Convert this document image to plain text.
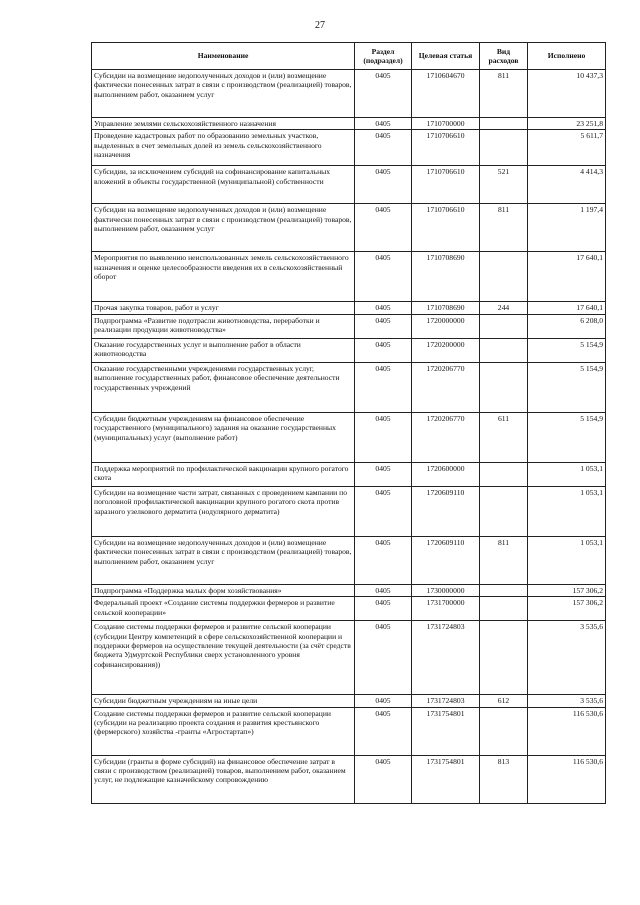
27
Наименование	Раздел (подраздел)	Целевая статья	Вид расходов	Исполнено
Субсидии на возмещение недополученных доходов и (или) возмещение фактически понесенных затрат в связи с производством (реализацией) товаров, выполнением работ, оказанием услуг	0405	1710604670	811	10 437,3
Управление землями сельскохозяйственного назначения	0405	1710700000		23 251,8
Проведение кадастровых работ по образованию земельных участков, выделенных в счет земельных долей из земель сельскохозяйственного назначения	0405	1710706610		5 611,7
Субсидии, за исключением субсидий на софинансирование капитальных вложений в объекты государственной (муниципальной) собственности	0405	1710706610	521	4 414,3
Субсидии на возмещение недополученных доходов и (или) возмещение фактически понесенных затрат в связи с производством (реализацией) товаров, выполнением работ, оказанием услуг	0405	1710706610	811	1 197,4
Мероприятия по выявлению неиспользованных земель сельскохозяйственного назначения и оценке целесообразности введения их в сельскохозяйственный оборот	0405	1710708690		17 640,1
Прочая закупка товаров, работ и услуг	0405	1710708690	244	17 640,1
Подпрограмма «Развитие подотрасли животноводства, переработки и реализации продукции животноводства»	0405	1720000000		6 208,0
Оказание государственных услуг и выполнение работ в области животноводства	0405	1720200000		5 154,9
Оказание государственными учреждениями государственных услуг, выполнение государственных работ, финансовое обеспечение деятельности государственных учреждений	0405	1720206770		5 154,9
Субсидии бюджетным учреждениям на финансовое обеспечение государственного (муниципального) задания на оказание государственных (муниципальных) услуг (выполнение работ)	0405	1720206770	611	5 154,9
Поддержка мероприятий по профилактической вакцинации крупного рогатого скота	0405	1720600000		1 053,1
Субсидии на возмещение части затрат, связанных с проведением кампании по поголовной профилактической вакцинации крупного рогатого скота против заразного узелкового дерматита (нодулярного дерматита)	0405	1720609110		1 053,1
Субсидии на возмещение недополученных доходов и (или) возмещение фактически понесенных затрат в связи с производством (реализацией) товаров, выполнением работ, оказанием услуг	0405	1720609110	811	1 053,1
Подпрограмма «Поддержка малых форм хозяйствования»	0405	1730000000		157 306,2
Федеральный проект «Создание системы поддержки фермеров и развитие сельской кооперации»	0405	1731700000		157 306,2
Создание системы поддержки фермеров и развитие сельской кооперации (субсидии Центру компетенций в сфере сельскохозяйственной кооперации и поддержки фермеров на осуществление текущей деятельности (за счёт средств бюджета Удмуртской Республики сверх установленного уровня софинансирования))	0405	1731724803		3 535,6
Субсидии бюджетным учреждениям на иные цели	0405	1731724803	612	3 535,6
Создание системы поддержки фермеров и развитие сельской кооперации (субсидии на реализацию проекта создания и развития крестьянского (фермерского) хозяйства -гранты «Агростартап»)	0405	1731754801		116 530,6
Субсидии (гранты в форме субсидий) на финансовое обеспечение затрат в связи с производством (реализацией) товаров, выполнением работ, оказанием услуг, не подлежащие казначейскому сопровождению	0405	1731754801	813	116 530,6
